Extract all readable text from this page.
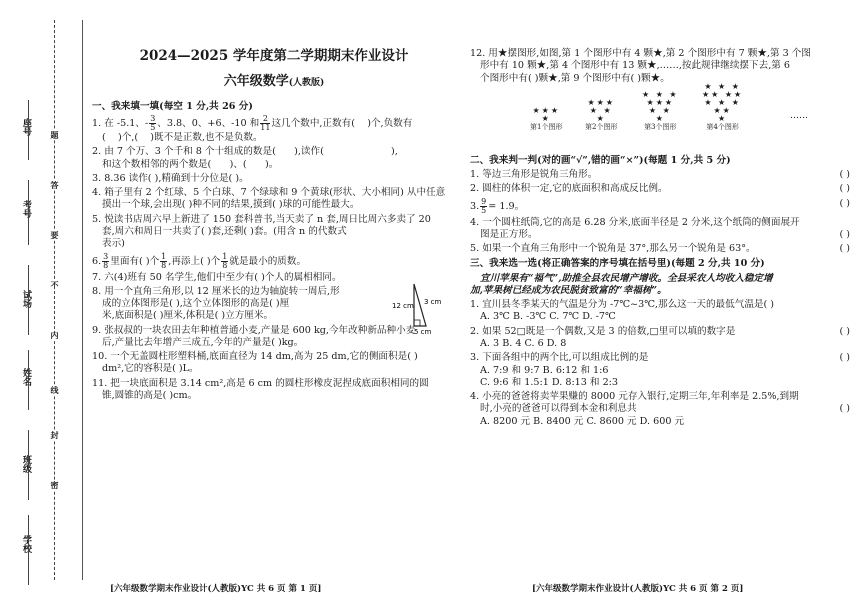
座号
考号
试场
姓名
班级
学校
题
答
要
不
内
线
封
密
2024—2025 学年度第二学期期末作业设计
六年级数学(人教版)
一、我来填一填(每空 1 分,共 26 分)
1. 在 -5.1、- $\frac{3}{5}$ 、3.8、0、+6、-10 和 $\frac{2}{11}$ 这几个数中,正数有( )个,负数有
( )个,( )既不是正数,也不是负数。
2. 由 7 个万、3 个千和 8 个十组成的数是( ),读作(	),
和这个数相邻的两个数是( )、( )。
3. 8.36 读作( ),精确到十分位是( )。
4. 箱子里有 2 个红球、5 个白球、7 个绿球和 9 个黄球(形状、大小相同) 从中任意
摸出一个球,会出现( )种不同的结果,摸到( )球的可能性最大。
5. 悦读书店周六早上新进了 150 套科普书,当天卖了 n 套,周日比周六多卖了 20
套,周六和周日一共卖了( )套,还剩( )套。(用含 n 的代数式
表示)
6. $\frac{3}{8}$ 里面有( )个 $\frac{1}{8}$ ,再添上( )个 $\frac{1}{8}$ 就是最小的质数。
7. 六(4)班有 50 名学生,他们中至少有( )个人的属相相同。
8. 用一个直角三角形,以 12 厘米长的边为轴旋转一周后,形
成的立体图形是( ),这个立体图形的高是( )厘
米,底面积是( )厘米,体积是( )立方厘米。
12 cm 3 cm
5 cm
9. 张叔叔的一块农田去年种植普通小麦,产量是 600 kg,今年改种新品种小麦
后,产量比去年增产三成五,今年的产量是( )kg。
10. 一个无盖圆柱形塑料桶,底面直径为 14 dm,高为 25 dm,它的侧面积是( )
dm²,它的容积是( )L。
11. 把一块底面积是 3.14 cm²,高是 6 cm 的圆柱形橡皮泥捏成底面积相同的圆
锥,圆锥的高是( )cm。
[六年级数学期末作业设计(人教版)YC 共 6 页 第 1 页]
12. 用★摆图形,如图,第 1 个图形中有 4 颗★,第 2 个图形中有 7 颗★,第 3 个图
形中有 10 颗★,第 4 个图形中有 13 颗★,……,按此规律继续摆下去,第 6
个图形中有( )颗★,第 9 个图形中有( )颗★。
★★★
★
第1个图形
★★★
★ ★
★
第2个图形
★ ★ ★
★★★
★ ★
★
第3个图形
★ ★ ★
★★ ★★
★ ★ ★
★★
★
第4个图形
……
二、我来判一判(对的画“√”,错的画“×”)(每题 1 分,共 5 分)
1. 等边三角形是锐角三角形。	( )
2. 圆柱的体积一定,它的底面积和高成反比例。	( )
3. $\frac{9}{5} = 1.9$。	( )
4. 一个圆柱纸筒,它的高是 6.28 分米,底面半径是 2 分米,这个纸筒的侧面展开
图是正方形。	( )
5. 如果一个直角三角形中一个锐角是 37°,那么另一个锐角是 63°。	( )
三、我来选一选(将正确答案的序号填在括号里)(每题 2 分,共 10 分)
宜川苹果有“福气”,助推全县农民增产增收。全县采农人均收入稳定增
加,苹果树已经成为农民脱贫致富的“幸福树”。
1. 宜川县冬季某天的气温是分为 -7℃~3℃,那么这一天的最低气温是( )
A. 3℃ B. -3℃ C. 7℃ D. -7℃
2. 如果 52□既是一个偶数,又是 3 的倍数,□里可以填的数字是	( )
A. 3 B. 4 C. 6 D. 8
3. 下面各组中的两个比,可以组成比例的是	( )
A. 7:9 和 9:7 B. 6:12 和 1:6
C. 9:6 和 1.5:1 D. 8:13 和 2:3
4. 小亮的爸爸将卖苹果赚的 8000 元存入银行,定期三年,年利率是 2.5%,到期
时,小亮的爸爸可以得到本金和利息共	( )
A. 8200 元 B. 8400 元 C. 8600 元 D. 600 元
[六年级数学期末作业设计(人教版)YC 共 6 页 第 2 页]
